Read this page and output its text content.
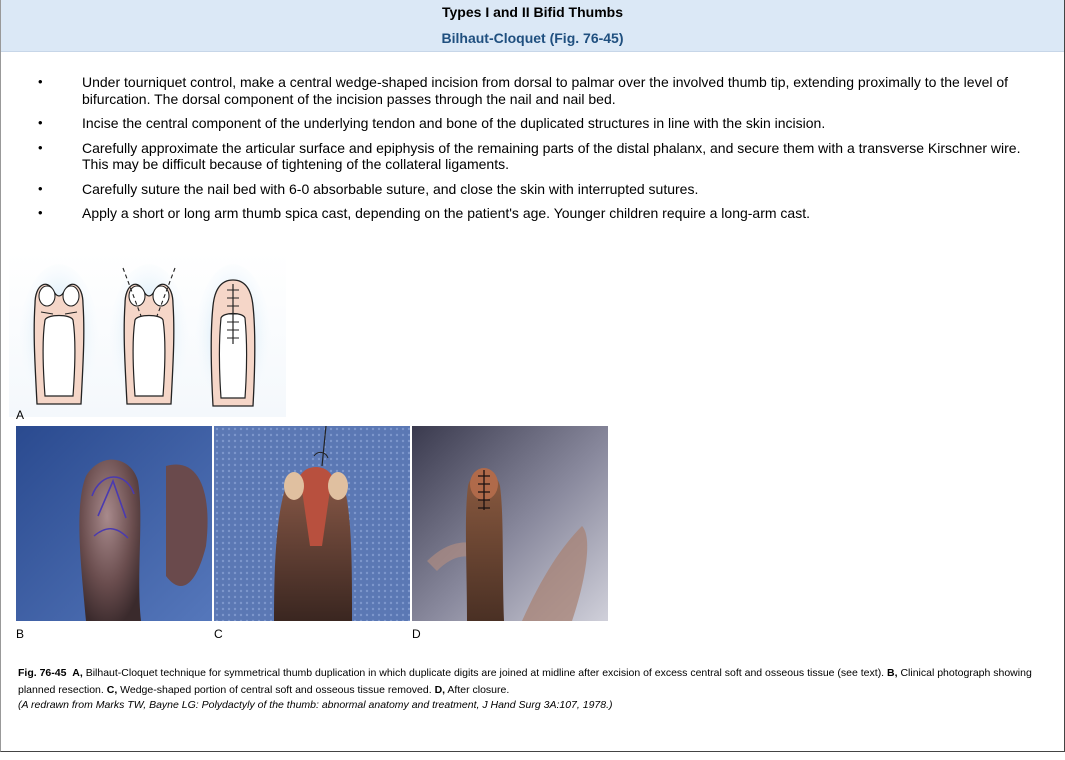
Types I and II Bifid Thumbs
Bilhaut-Cloquet (Fig. 76-45)
•	Under tourniquet control, make a central wedge-shaped incision from dorsal to palmar over the involved thumb tip, extending proximally to the level of bifurcation. The dorsal component of the incision passes through the nail and nail bed.
•	Incise the central component of the underlying tendon and bone of the duplicated structures in line with the skin incision.
•	Carefully approximate the articular surface and epiphysis of the remaining parts of the distal phalanx, and secure them with a transverse Kirschner wire. This may be difficult because of tightening of the collateral ligaments.
•	Carefully suture the nail bed with 6-0 absorbable suture, and close the skin with interrupted sutures.
•	Apply a short or long arm thumb spica cast, depending on the patient's age. Younger children require a long-arm cast.
A
B	C	D
Fig. 76-45 A, Bilhaut-Cloquet technique for symmetrical thumb duplication in which duplicate digits are joined at midline after excision of excess central soft and osseous tissue (see text). B, Clinical photograph showing planned resection. C, Wedge-shaped portion of central soft and osseous tissue removed. D, After closure.
(A redrawn from Marks TW, Bayne LG: Polydactyly of the thumb: abnormal anatomy and treatment, J Hand Surg 3A:107, 1978.)
